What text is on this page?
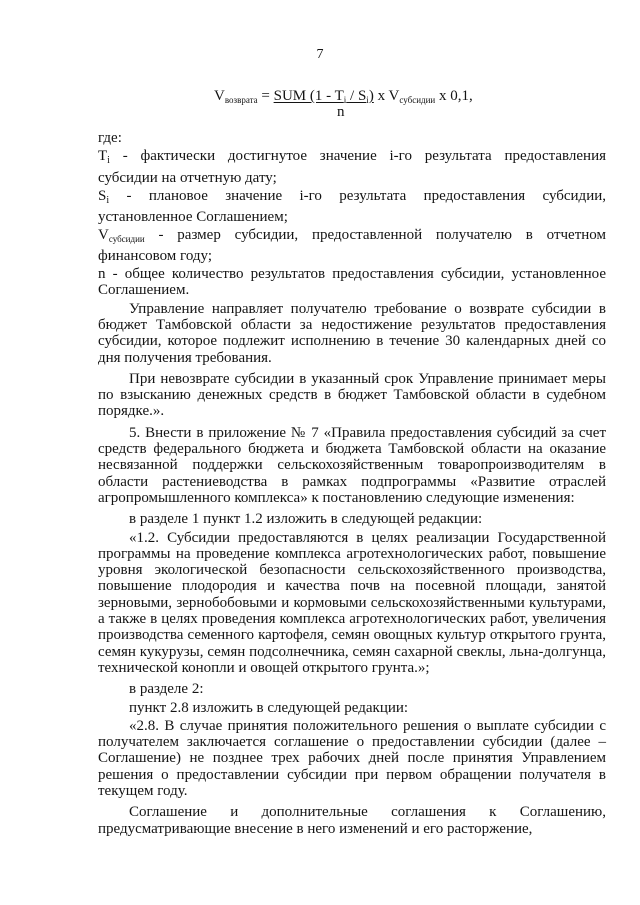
7
$V_{возврата}$ = SUM $(1 - T_i / S_i)$ x $V_{субсидии}$ x 0,1,
n

где:

$T_i$ - фактически достигнутое значение i-го результата предоставления субсидии на отчетную дату;

$S_i$ - плановое значение i-го результата предоставления субсидии, установленное Соглашением;

$V_{субсидии}$ - размер субсидии, предоставленной получателю в отчетном финансовом году;

n - общее количество результатов предоставления субсидии, установленное Соглашением.

Управление направляет получателю требование о возврате субсидии в бюджет Тамбовской области за недостижение результатов предоставления субсидии, которое подлежит исполнению в течение 30 календарных дней со дня получения требования.

При невозврате субсидии в указанный срок Управление принимает меры по взысканию денежных средств в бюджет Тамбовской области в судебном порядке.».

5. Внести в приложение № 7 «Правила предоставления субсидий за счет средств федерального бюджета и бюджета Тамбовской области на оказание несвязанной поддержки сельскохозяйственным товаропроизводителям в области растениеводства в рамках подпрограммы «Развитие отраслей агропромышленного комплекса» к постановлению следующие изменения:

в разделе 1 пункт 1.2 изложить в следующей редакции:

«1.2. Субсидии предоставляются в целях реализации Государственной программы на проведение комплекса агротехнологических работ, повышение уровня экологической безопасности сельскохозяйственного производства, повышение плодородия и качества почв на посевной площади, занятой зерновыми, зернобобовыми и кормовыми сельскохозяйственными культурами, а также в целях проведения комплекса агротехнологических работ, увеличения производства семенного картофеля, семян овощных культур открытого грунта, семян кукурузы, семян подсолнечника, семян сахарной свеклы, льна-долгунца, технической конопли и овощей открытого грунта.»;

в разделе 2:

пункт 2.8 изложить в следующей редакции:

«2.8. В случае принятия положительного решения о выплате субсидии с получателем заключается соглашение о предоставлении субсидии (далее – Соглашение) не позднее трех рабочих дней после принятия Управлением решения о предоставлении субсидии при первом обращении получателя в текущем году.

Соглашение и дополнительные соглашения к Соглашению, предусматривающие внесение в него изменений и его расторжение,
